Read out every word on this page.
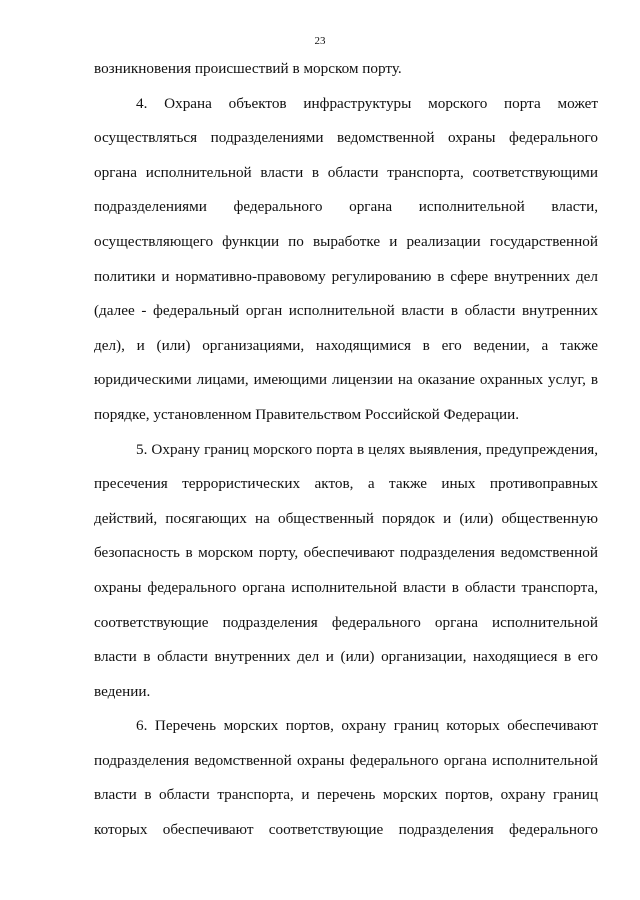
23
возникновения происшествий в морском порту.
4. Охрана объектов инфраструктуры морского порта может
осуществляться подразделениями ведомственной охраны федерального
органа исполнительной власти в области транспорта, соответствующими
подразделениями федерального органа исполнительной власти,
осуществляющего функции по выработке и реализации государственной
политики и нормативно-правовому регулированию в сфере внутренних дел
(далее - федеральный орган исполнительной власти в области внутренних
дел), и (или) организациями, находящимися в его ведении, а также
юридическими лицами, имеющими лицензии на оказание охранных услуг, в
порядке, установленном Правительством Российской Федерации.
5. Охрану границ морского порта в целях выявления, предупреждения,
пресечения террористических актов, а также иных противоправных
действий, посягающих на общественный порядок и (или) общественную
безопасность в морском порту, обеспечивают подразделения ведомственной
охраны федерального органа исполнительной власти в области транспорта,
соответствующие подразделения федерального органа исполнительной
власти в области внутренних дел и (или) организации, находящиеся в его
ведении.
6. Перечень морских портов, охрану границ которых обеспечивают
подразделения ведомственной охраны федерального органа исполнительной
власти в области транспорта, и перечень морских портов, охрану границ
которых обеспечивают соответствующие подразделения федерального
